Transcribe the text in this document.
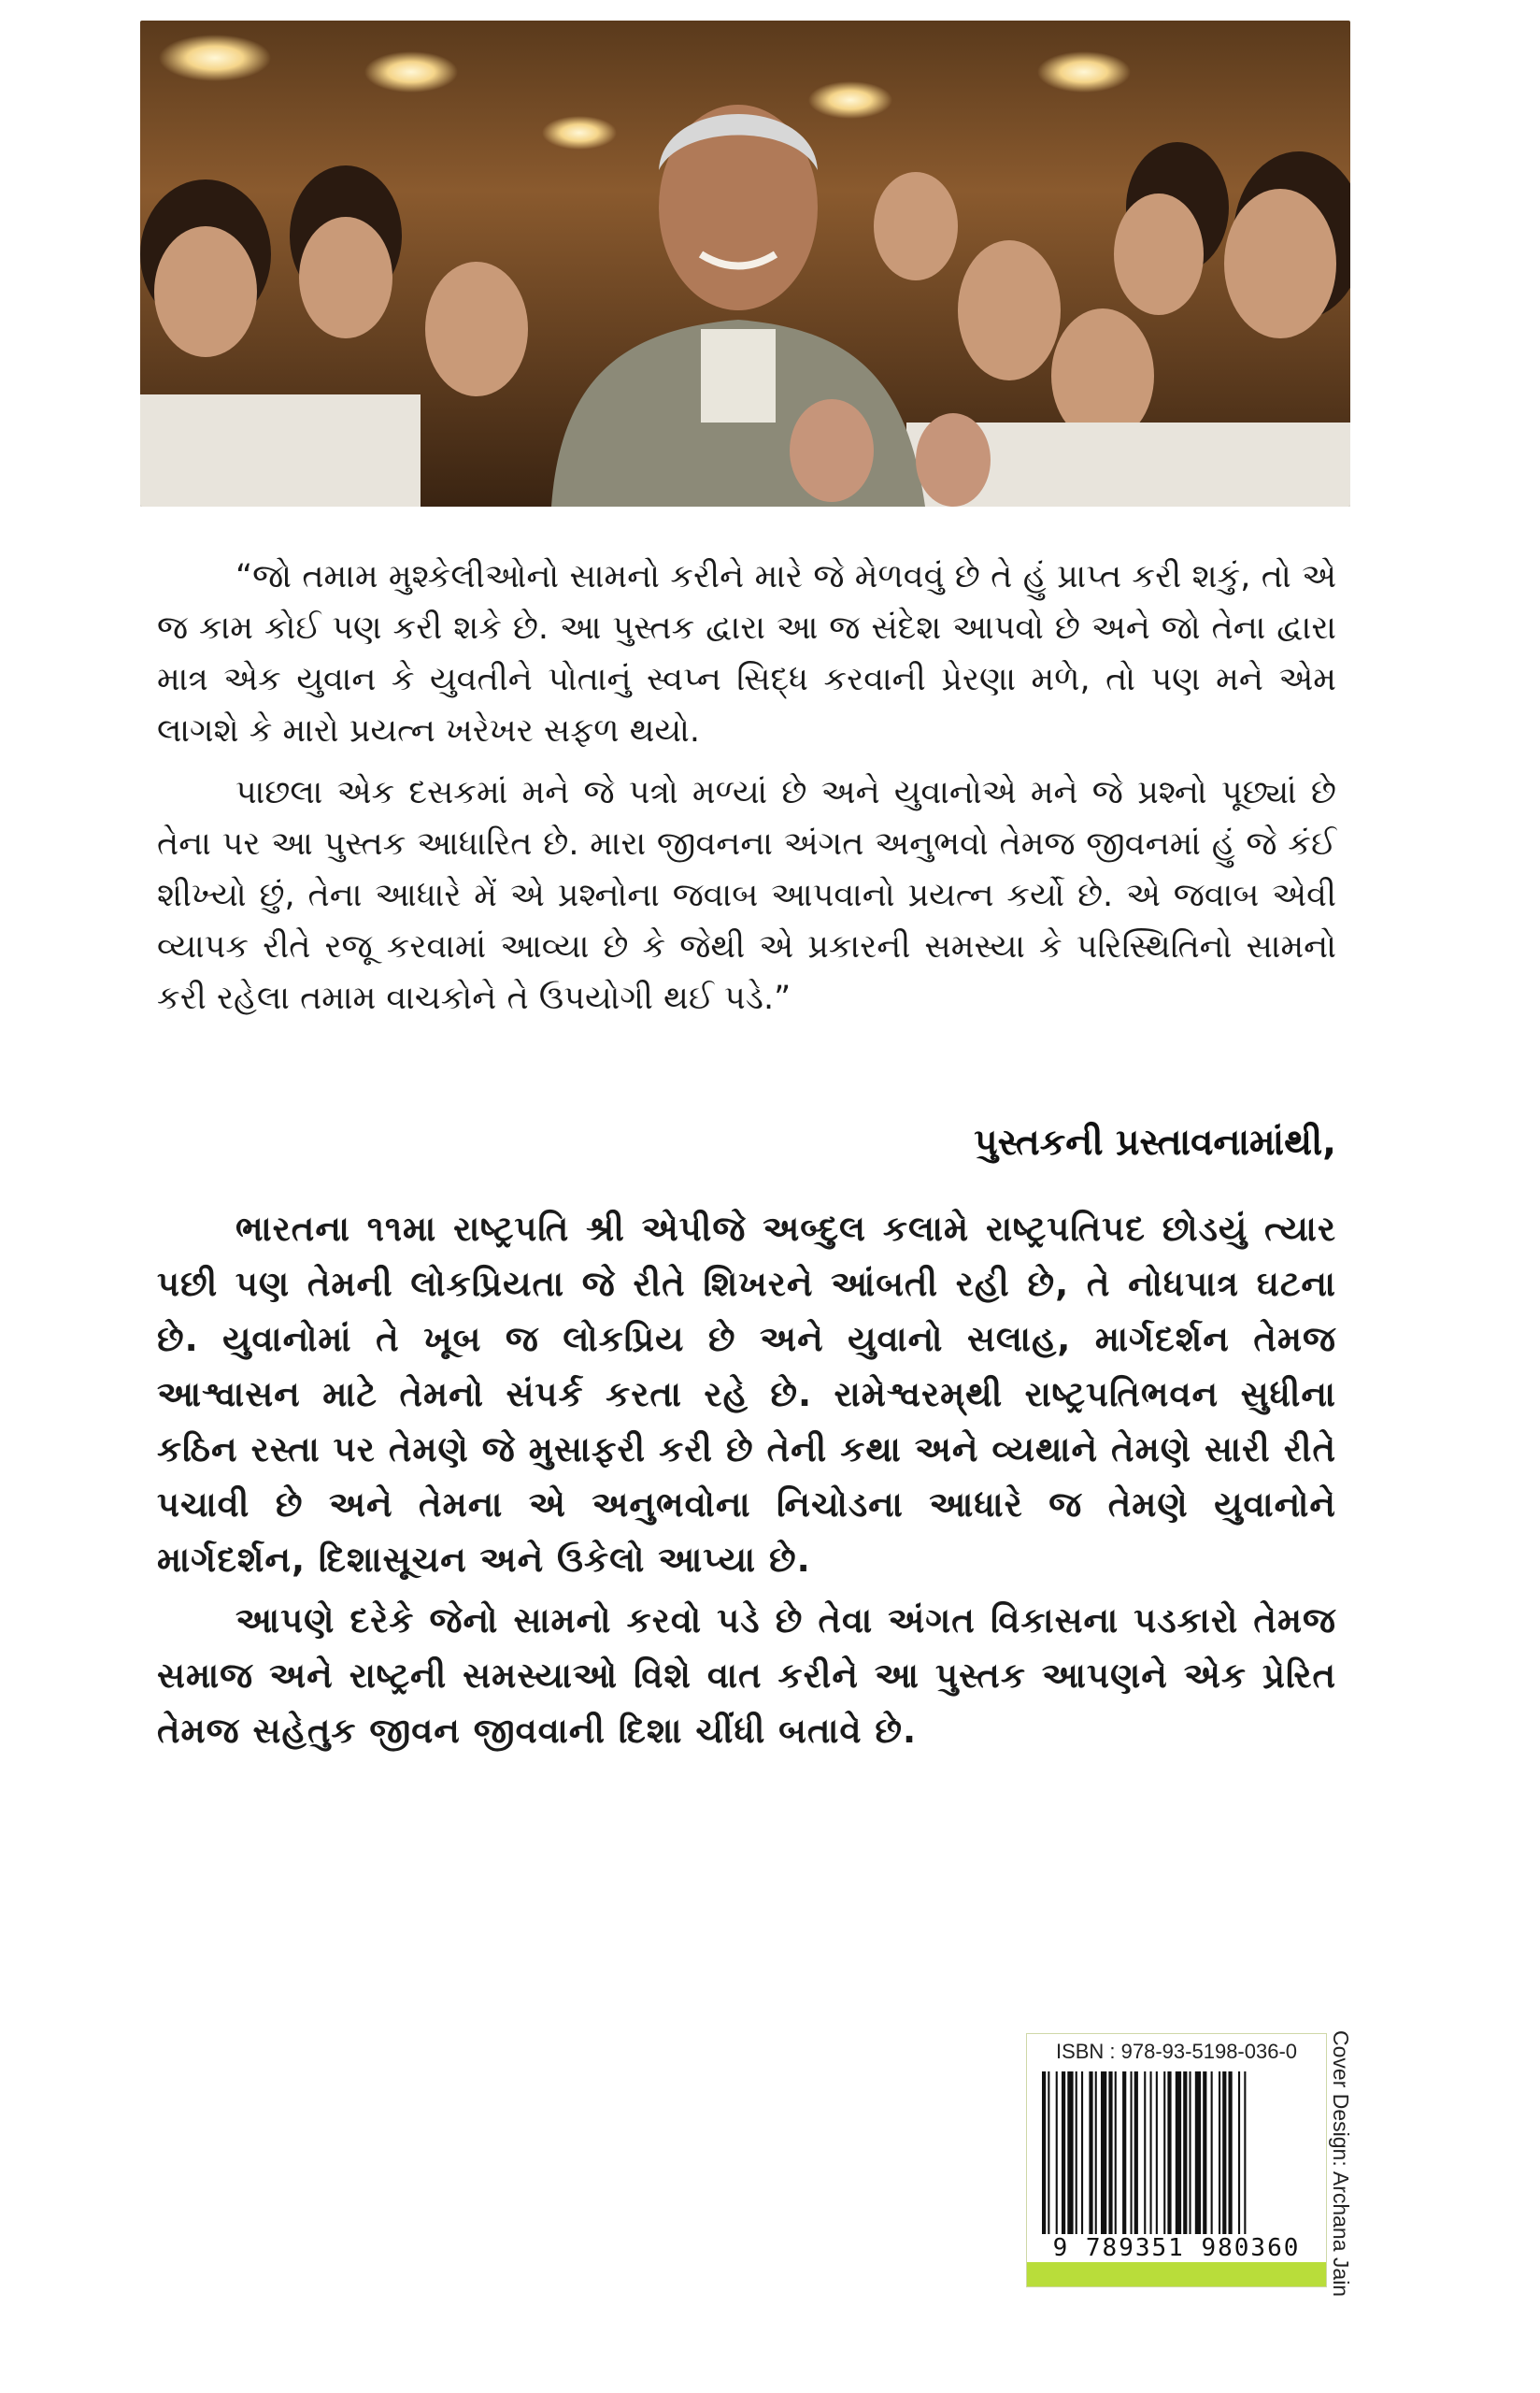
“જો તમામ મુશ્કેલીઓનો સામનો કરીને મારે જે મેળવવું છે તે હું પ્રાપ્ત કરી શકું, તો એ જ કામ કોઈ પણ કરી શકે છે. આ પુસ્તક દ્વારા આ જ સંદેશ આપવો છે અને જો તેના દ્વારા માત્ર એક યુવાન કે યુવતીને પોતાનું સ્વપ્ન સિદ્ધ કરવાની પ્રેરણા મળે, તો પણ મને એમ લાગશે કે મારો પ્રયત્ન ખરેખર સફળ થયો.

પાછલા એક દસકમાં મને જે પત્રો મળ્યાં છે અને યુવાનોએ મને જે પ્રશ્નો પૂછ્યાં છે તેના પર આ પુસ્તક આધારિત છે. મારા જીવનના અંગત અનુભવો તેમજ જીવનમાં હું જે કંઈ શીખ્યો છું, તેના આધારે મેં એ પ્રશ્નોના જવાબ આપવાનો પ્રયત્ન કર્યો છે. એ જવાબ એવી વ્યાપક રીતે રજૂ કરવામાં આવ્યા છે કે જેથી એ પ્રકારની સમસ્યા કે પરિસ્થિતિનો સામનો કરી રહેલા તમામ વાચકોને તે ઉપયોગી થઈ પડે.”

પુસ્તકની પ્રસ્તાવનામાંથી,

ભારતના ૧૧મા રાષ્ટ્રપતિ શ્રી એપીજે અબ્દુલ કલામે રાષ્ટ્રપતિપદ છોડયું ત્યાર પછી પણ તેમની લોકપ્રિયતા જે રીતે શિખરને આંબતી રહી છે, તે નોધપાત્ર ઘટના છે. યુવાનોમાં તે ખૂબ જ લોકપ્રિય છે અને યુવાનો સલાહ, માર્ગદર્શન તેમજ આશ્વાસન માટે તેમનો સંપર્ક કરતા રહે છે. રામેશ્વરમ્‌થી રાષ્ટ્રપતિભવન સુધીના કઠિન રસ્તા પર તેમણે જે મુસાફરી કરી છે તેની કથા અને વ્યથાને તેમણે સારી રીતે પચાવી છે અને તેમના એ અનુભવોના નિચોડના આધારે જ તેમણે યુવાનોને માર્ગદર્શન, દિશાસૂચન અને ઉકેલો આપ્યા છે.

આપણે દરેકે જેનો સામનો કરવો પડે છે તેવા અંગત વિકાસના પડકારો તેમજ સમાજ અને રાષ્ટ્રની સમસ્યાઓ વિશે વાત કરીને આ પુસ્તક આપણને એક પ્રેરિત તેમજ સહેતુક જીવન જીવવાની દિશા ચીંધી બતાવે છે.

ISBN : 978-93-5198-036-0
9 789351 980360	Cover Design: Archana Jain
